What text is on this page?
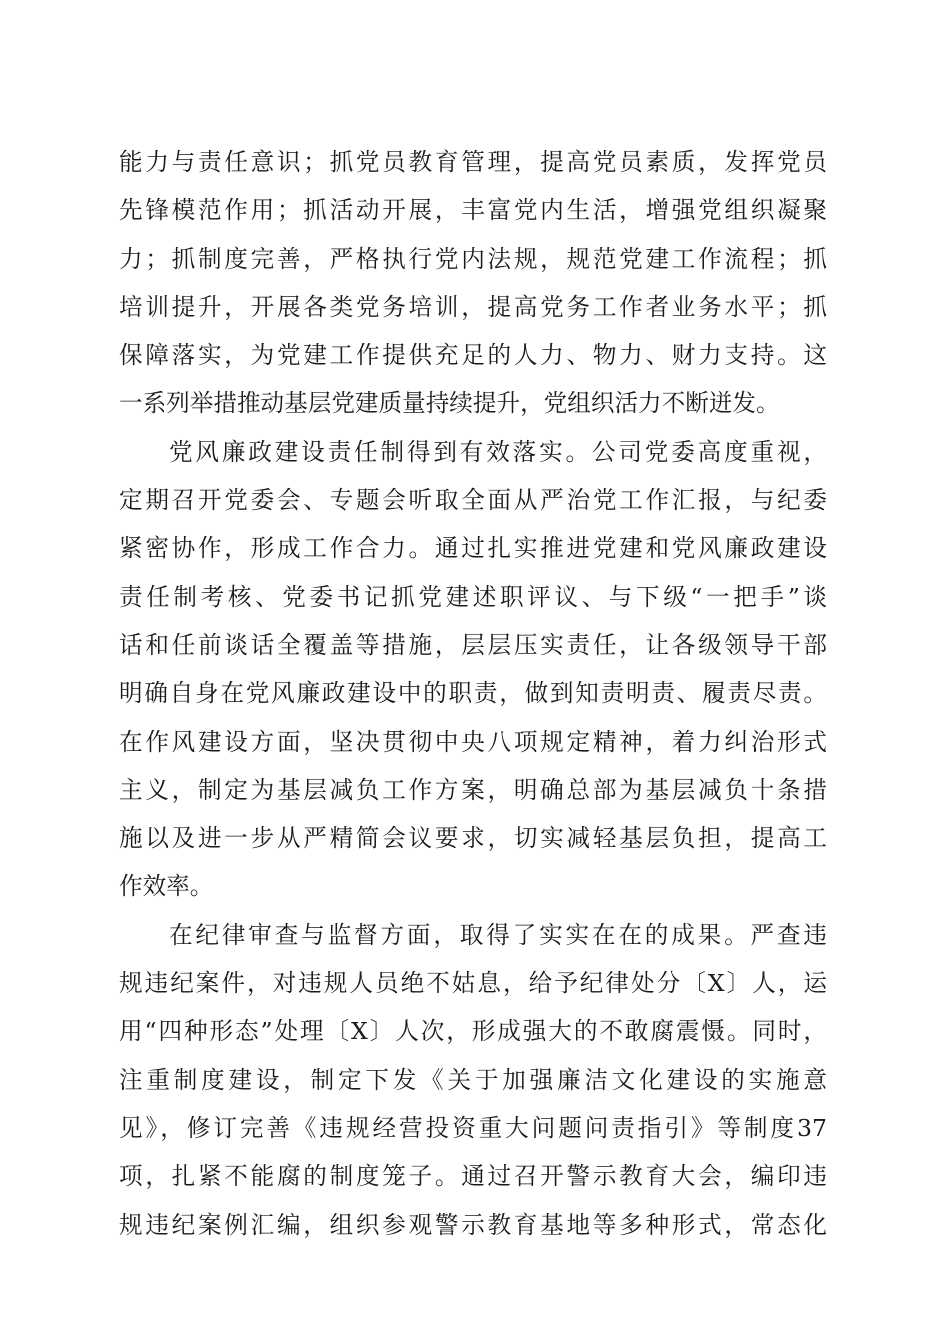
能力与责任意识；抓党员教育管理，提高党员素质，发挥党员
先锋模范作用；抓活动开展，丰富党内生活，增强党组织凝聚
力；抓制度完善，严格执行党内法规，规范党建工作流程；抓
培训提升，开展各类党务培训，提高党务工作者业务水平；抓
保障落实，为党建工作提供充足的人力、物力、财力支持。这
一系列举措推动基层党建质量持续提升，党组织活力不断迸发。
党风廉政建设责任制得到有效落实。公司党委高度重视，
定期召开党委会、专题会听取全面从严治党工作汇报，与纪委
紧密协作，形成工作合力。通过扎实推进党建和党风廉政建设
责任制考核、党委书记抓党建述职评议、与下级“一把手”谈
话和任前谈话全覆盖等措施，层层压实责任，让各级领导干部
明确自身在党风廉政建设中的职责，做到知责明责、履责尽责。
在作风建设方面，坚决贯彻中央八项规定精神，着力纠治形式
主义，制定为基层减负工作方案，明确总部为基层减负十条措
施以及进一步从严精简会议要求，切实减轻基层负担，提高工
作效率。
在纪律审查与监督方面，取得了实实在在的成果。严查违
规违纪案件，对违规人员绝不姑息，给予纪律处分〔X〕人，运
用“四种形态”处理〔X〕人次，形成强大的不敢腐震慑。同时，
注重制度建设，制定下发《关于加强廉洁文化建设的实施意
见》，修订完善《违规经营投资重大问题问责指引》等制度37
项，扎紧不能腐的制度笼子。通过召开警示教育大会，编印违
规违纪案例汇编，组织参观警示教育基地等多种形式，常态化
